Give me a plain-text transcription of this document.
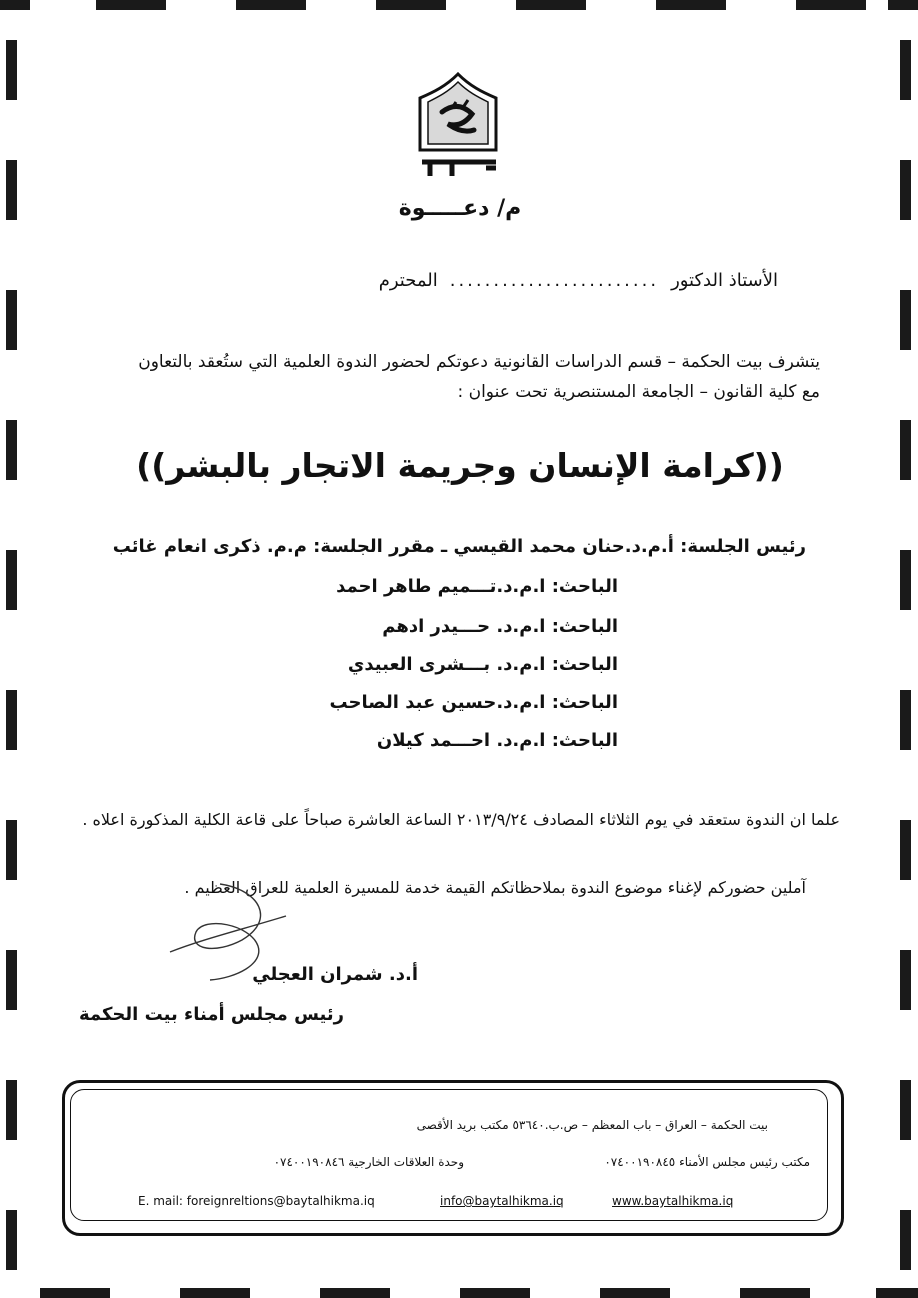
م/ دعـــــوة
الأستاذ الدكتور
........................
المحترم
يتشرف بيت الحكمة – قسم الدراسات القانونية دعوتكم لحضور الندوة العلمية التي ستُعقد بالتعاون
مع كلية القانون – الجامعة المستنصرية تحت عنوان :
((كرامة الإنسان وجريمة الاتجار بالبشر))
رئيس الجلسة: أ.م.د.حنان محمد القيسي ـ مقرر الجلسة: م.م. ذكرى انعام غائب
الباحث: ا.م.د.تـــميم طاهر احمد
الباحث: ا.م.د. حـــيدر ادهم
الباحث: ا.م.د. بـــشرى العبيدي
الباحث: ا.م.د.حسين عبد الصاحب
الباحث: ا.م.د. احـــمد كيلان
علما ان الندوة ستعقد في يوم الثلاثاء المصادف ٢٠١٣/٩/٢٤ الساعة العاشرة صباحاً على قاعة الكلية المذكورة اعلاه .
آملين حضوركم لإغناء موضوع الندوة بملاحظاتكم القيمة خدمة للمسيرة العلمية للعراق العظيم .
أ.د. شمران العجلي
رئيس مجلس أمناء بيت الحكمة
بيت الحكمة – العراق – باب المعظم – ص.ب.٥٣٦٤٠ مكتب بريد الأقصى
مكتب رئيس مجلس الأمناء ٠٧٤٠٠١٩٠٨٤٥
وحدة العلاقات الخارجية ٠٧٤٠٠١٩٠٨٤٦
E. mail: foreignreltions@baytalhikma.iq	info@baytalhikma.iq	www.baytalhikma.iq
